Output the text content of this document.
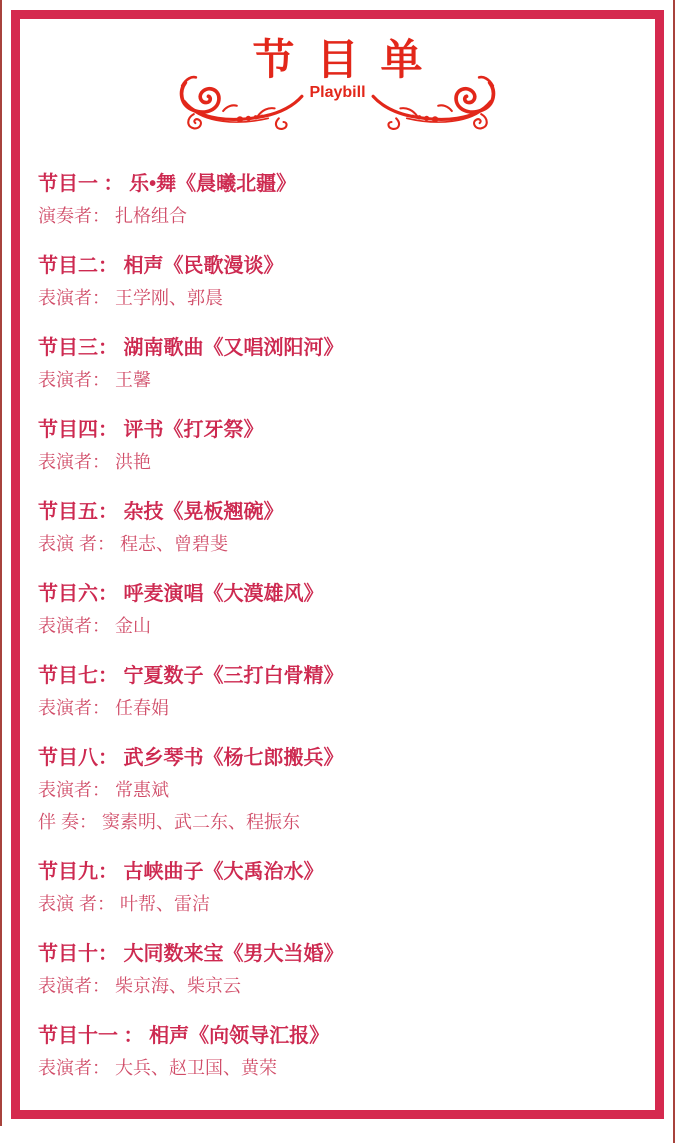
节目单
Playbill
节目一 ： 乐•舞《晨曦北疆》
演奏者： 扎格组合
节目二： 相声《民歌漫谈》
表演者： 王学刚、郭晨
节目三： 湖南歌曲《又唱浏阳河》
表演者： 王馨
节目四： 评书《打牙祭》
表演者： 洪艳
节目五： 杂技《晃板翘碗》
表演 者： 程志、曾碧斐
节目六： 呼麦演唱《大漠雄风》
表演者： 金山
节目七： 宁夏数子《三打白骨精》
表演者： 任春娟
节目八： 武乡琴书《杨七郎搬兵》
表演者： 常惠斌
伴 奏： 窦素明、武二东、程振东
节目九： 古峡曲子《大禹治水》
表演 者： 叶帮、雷洁
节目十： 大同数来宝《男大当婚》
表演者： 柴京海、柴京云
节目十一 ： 相声《向领导汇报》
表演者： 大兵、赵卫国、黄荣
